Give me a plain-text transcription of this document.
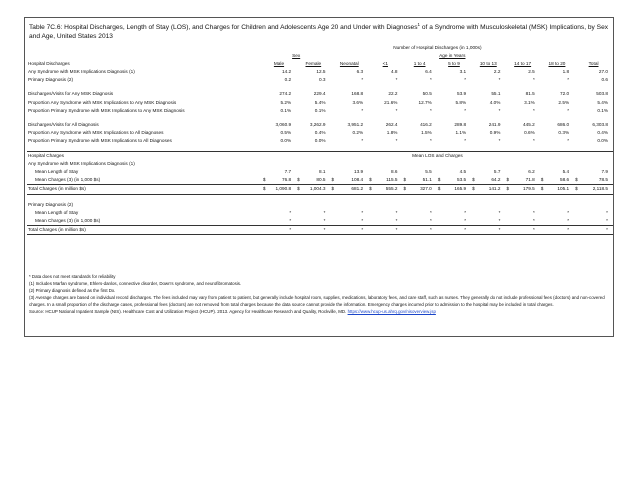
Table 7C.6: Hospital Discharges, Length of Stay (LOS), and Charges for Children and Adolescents Age 20 and Under with Diagnoses$^1$ of a Syndrome with Musculoskeletal (MSK) Implications, by Sex and Age, United States 2013
	Number of Hospital Discharges (in 1,000s)									
	Sex		Age in Years							
Hospital Discharges	Male	Female	Neonatal	<1	1 to 4	5 to 9	10 to 13	14 to 17	18 to 20	Total
Any Syndrome with MSK Implications Diagnosis (1)	14.2	12.5	6.3	4.8	6.4	3.1	2.2	2.5	1.8	27.0
Primary Diagnosis (2)	0.2	0.3	*	*	*	*	*	*	*	0.6

Discharges/Visits for Any MSK Diagnosis	274.2	229.4	168.8	22.2	50.5	53.9	55.1	81.5	72.0	503.8
Proportion Any Syndrome with MSK Implications to Any MSK Diagnosis	5.2%	5.4%	3.6%	21.6%	12.7%	5.8%	4.0%	3.1%	2.5%	5.4%
Proportion Primary Syndrome with MSK Implications to Any MSK Diagnosis	0.1%	0.1%	*	*	*	*	*	*	*	0.1%

Discharges/Visits for All Diagnosis	3,060.9	3,262.9	3,951.2	262.4	416.2	289.8	241.9	445.2	686.0	6,303.8
Proportion Any Syndrome with MSK Implications to All Diagnoses	0.5%	0.4%	0.2%	1.8%	1.5%	1.1%	0.9%	0.6%	0.3%	0.4%
Proportion Primary Syndrome with MSK Implications to All Diagnoses	0.0%	0.0%	*	*	*	*	*	*	*	0.0%

Hospital Charges	Mean LOS and Charges									
Any Syndrome with MSK Implications Diagnosis (1)										
Mean Length of Stay	7.7	8.1	13.9	8.6	5.5	4.5	5.7	6.2	5.4	7.9
Mean Charges (3) (in 1,000 $s)	$ 76.8	$ 80.5	$ 108.4	$ 115.5	$ 51.1	$ 53.5	$ 64.2	$ 71.8	$ 58.6	$ 78.5
Total Charges (in million $s)	$ 1,090.8	$ 1,004.3	$ 681.2	$ 555.2	$ 327.0	$ 165.9	$ 141.2	$ 179.5	$ 105.1	$ 2,118.5

Primary Diagnosis (2)										
Mean Length of Stay	*	*	*	*	*	*	*	*	*	*
Mean Charges (3) (in 1,000 $s)	*	*	*	*	*	*	*	*	*	*
Total Charges (in million $s)	*	*	*	*	*	*	*	*	*	*
* Data does not meet standards for reliability
(1) Includes Marfan syndrome, Ehlers-danlos, connective disorder, Down's syndrome, and neurofibromatosis.
(2) Primary diagnosis defined as the first Dx.
(3) Average charges are based on individual record discharges. The fees included may vary from patient to patient, but generally include hospital room, supplies, medications, laboratory fees, and care staff, such as nurses. They generally do not include professional fees (doctors) and non-covered charges. In a small proportion of the discharge cases, professional fees (doctors) are not removed from total charges because the data source cannot provide the information. Emergency charges incurred prior to admission to the hospital may be included in total charges.
Source: HCUP National Inpatient Sample (NIS). Healthcare Cost and Utilization Project (HCUP). 2013. Agency for Healthcare Research and Quality, Rockville, MD. https://www.hcup-us.ahrq.gov/nisoverview.jsp
